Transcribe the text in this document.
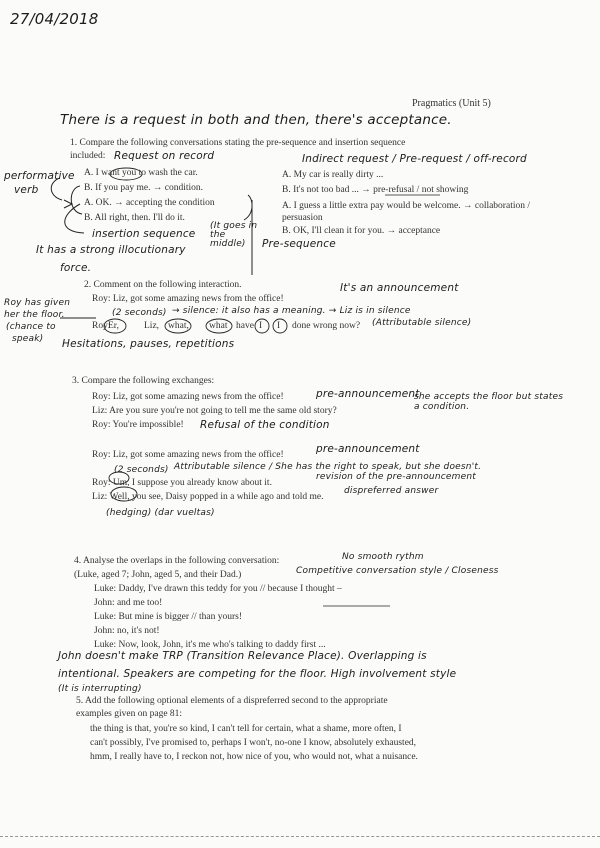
27/04/2018
Pragmatics (Unit 5)
There is a request in both and then, there's acceptance.
1. Compare the following conversations stating the pre-sequence and insertion sequence
included: Request on record	Indirect request / Pre-request / off-record
performative
verb
A. I want you to wash the car.
B. If you pay me. → condition.
A. OK. → accepting the condition
B. All right, then. I'll do it.
A. My car is really dirty ...
B. It's not too bad ... → pre-refusal / not showing
A. I guess a little extra pay would be welcome. → collaboration / persuasion
B. OK, I'll clean it for you. → acceptance
insertion sequence
(It goes in the middle)	Pre-sequence
It has a strong illocutionary
force.
2. Comment on the following interaction.	It's an announcement
Roy has given
her the floor.
(chance to
speak)
Roy: Liz, got some amazing news from the office!
(2 seconds) → silence: it also has a meaning. → Liz is in silence
(Attributable silence)
Roy:
Er,	Liz, what, what have I I done wrong now?
Hesitations, pauses, repetitions
3. Compare the following exchanges:
Roy: Liz, got some amazing news from the office!
Liz: Are you sure you're not going to tell me the same old story?
Roy: You're impossible!
pre-announcement
she accepts the floor but states a condition.
Refusal of the condition
Roy: Liz, got some amazing news from the office!
(2 seconds) Attributable silence / She has the right to speak, but she doesn't.
Roy: Um, I suppose you already know about it.
revision of the pre-announcement
Liz: Well, you see, Daisy popped in a while ago and told me.
dispreferred answer
(hedging) (dar vueltas)
pre-announcement
4. Analyse the overlaps in the following conversation:	No smooth rythm
(Luke, aged 7; John, aged 5, and their Dad.)	Competitive conversation style / Closeness
Luke: Daddy, I've drawn this teddy for you // because I thought –
John: and me too!
Luke: But mine is bigger // than yours!
John: no, it's not!
Luke: Now, look, John, it's me who's talking to daddy first ...
John doesn't make TRP (Transition Relevance Place). Overlapping is
intentional. Speakers are competing for the floor. High involvement style
(It is interrupting)
5. Add the following optional elements of a dispreferred second to the appropriate
examples given on page 81:
the thing is that, you're so kind, I can't tell for certain, what a shame, more often, I
can't possibly, I've promised to, perhaps I won't, no-one I know, absolutely exhausted,
hmm, I really have to, I reckon not, how nice of you, who would not, what a nuisance.
